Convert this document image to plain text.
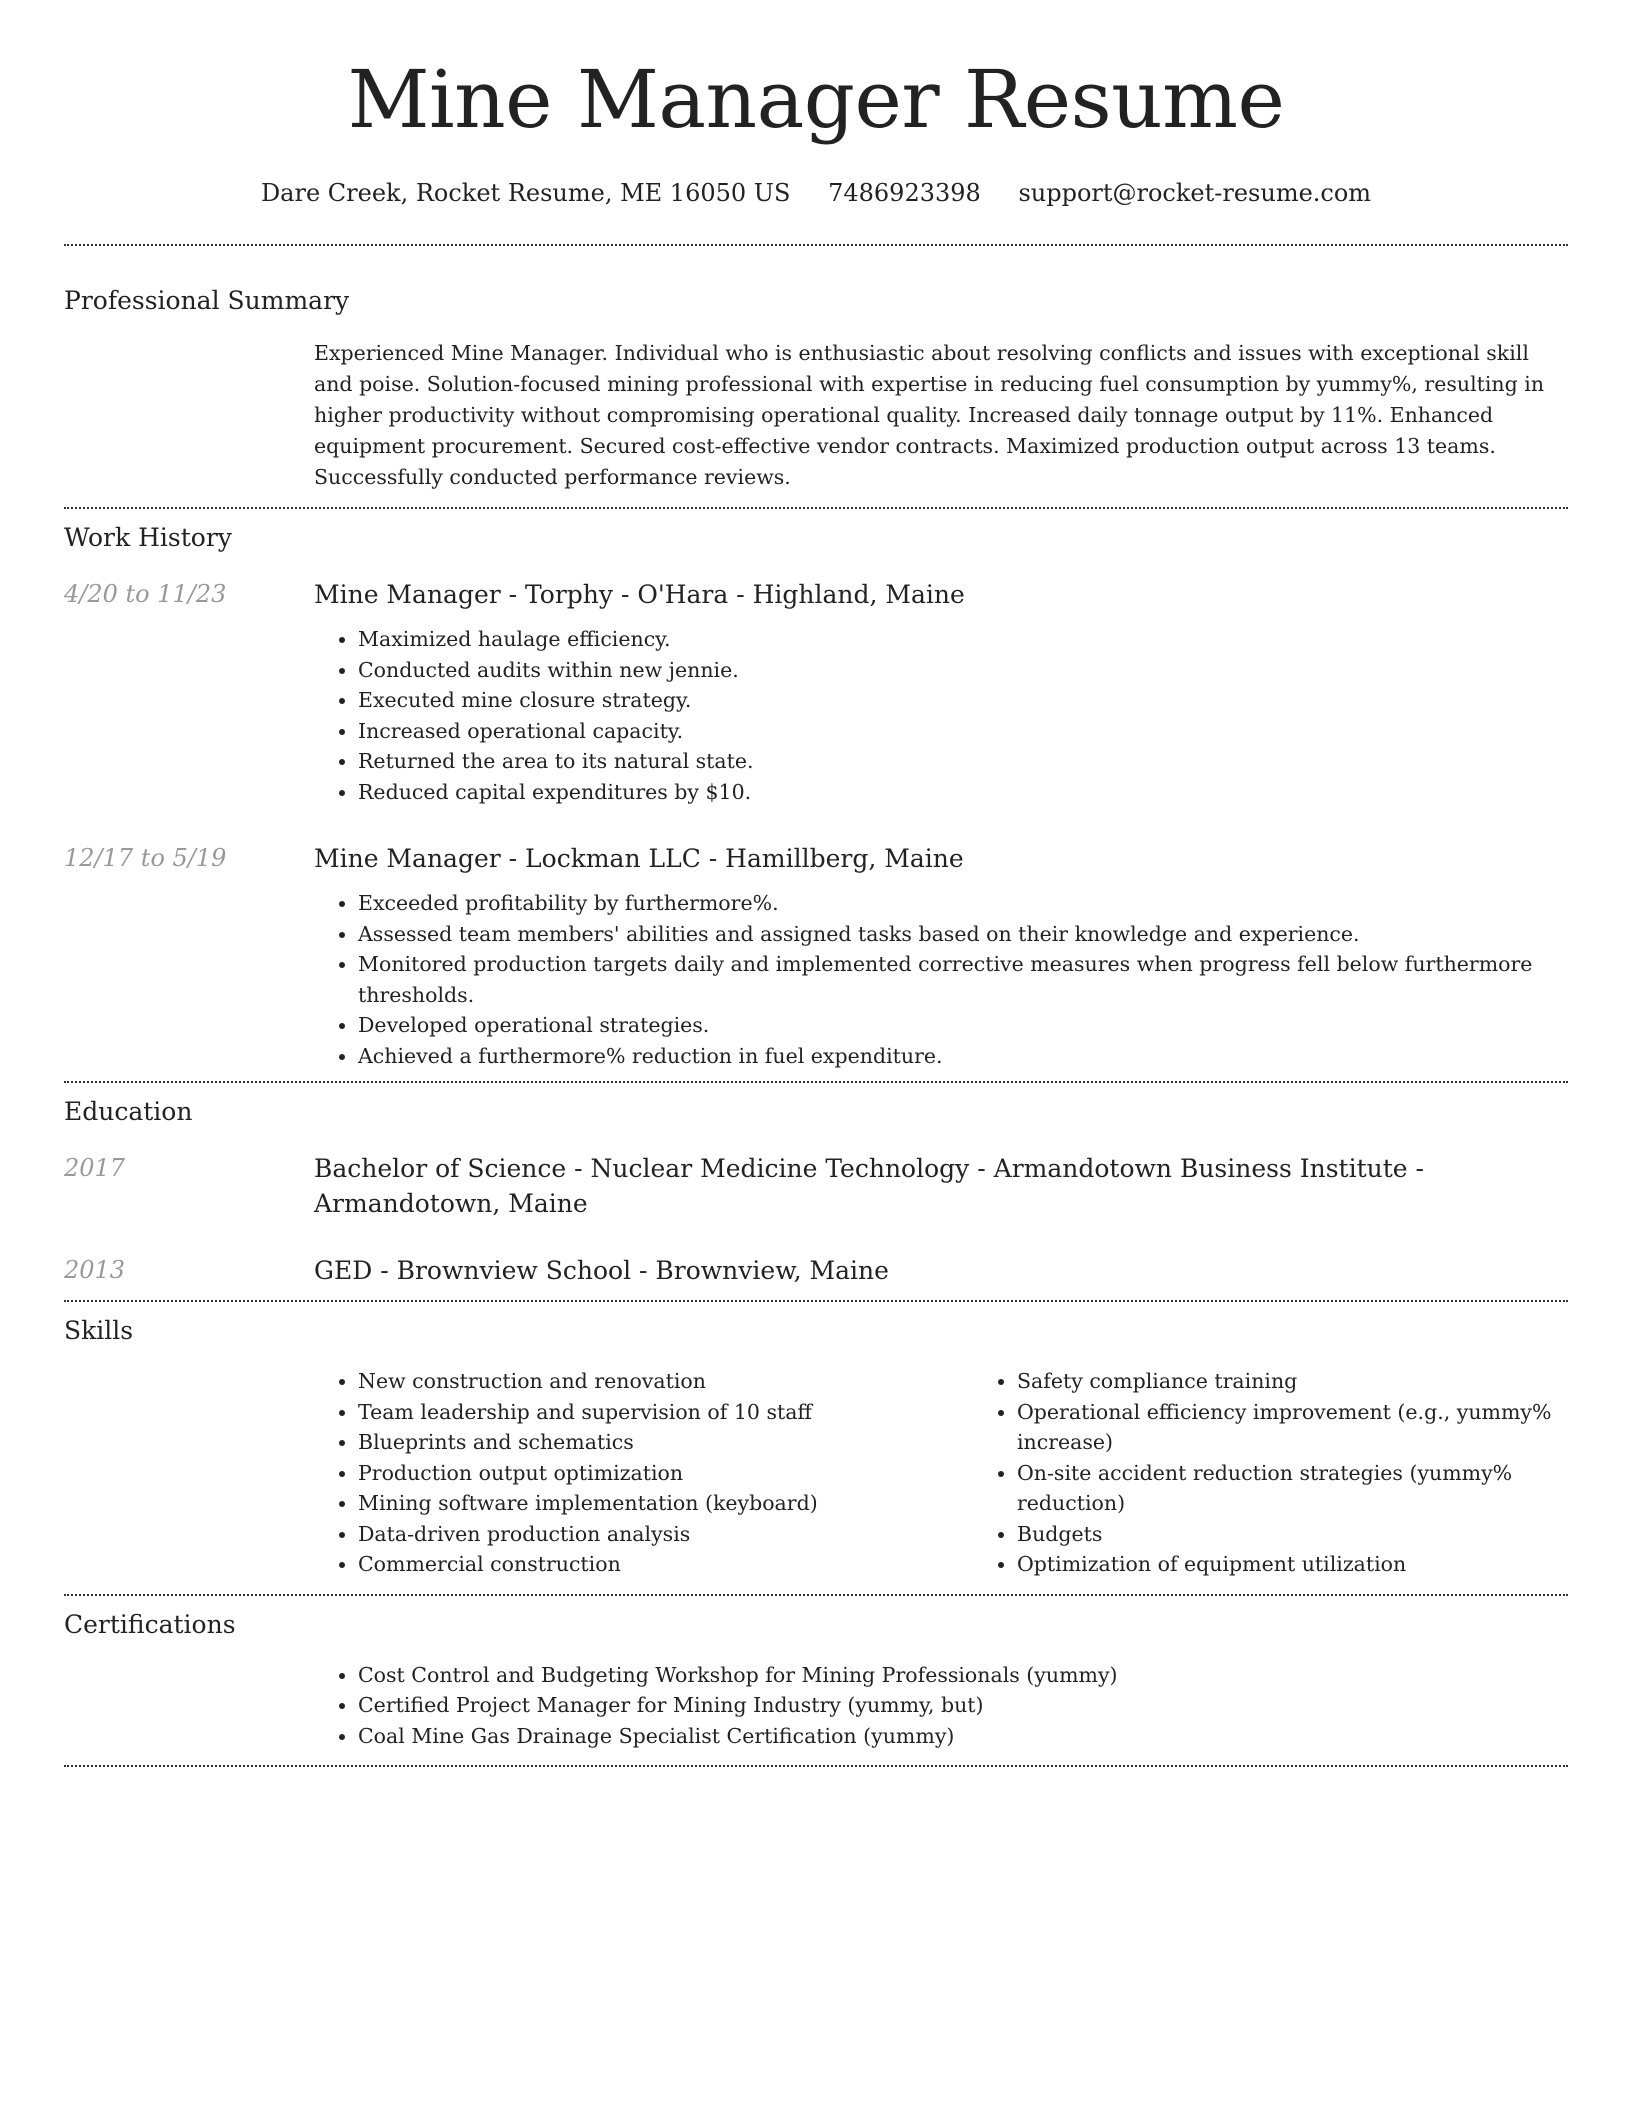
Mine Manager Resume
Dare Creek, Rocket Resume, ME 16050 US 7486923398 support@rocket-resume.com
Professional Summary

Experienced Mine Manager. Individual who is enthusiastic about resolving conflicts and issues with exceptional skill and poise. Solution-focused mining professional with expertise in reducing fuel consumption by yummy%, resulting in higher productivity without compromising operational quality. Increased daily tonnage output by 11%. Enhanced equipment procurement. Secured cost-effective vendor contracts. Maximized production output across 13 teams. Successfully conducted performance reviews.

Work History
4/20 to 11/23	Mine Manager - Torphy - O'Hara - Highland, Maine

• Maximized haulage efficiency.
• Conducted audits within new jennie.
• Executed mine closure strategy.
• Increased operational capacity.
• Returned the area to its natural state.
• Reduced capital expenditures by $10.
12/17 to 5/19	Mine Manager - Lockman LLC - Hamillberg, Maine

• Exceeded profitability by furthermore%.
• Assessed team members' abilities and assigned tasks based on their knowledge and experience.
• Monitored production targets daily and implemented corrective measures when progress fell below furthermore thresholds.
• Developed operational strategies.
• Achieved a furthermore% reduction in fuel expenditure.
Education
2017	Bachelor of Science - Nuclear Medicine Technology - Armandotown Business Institute - Armandotown, Maine

2013	GED - Brownview School - Brownview, Maine

Skills
• New construction and renovation
• Team leadership and supervision of 10 staff
• Blueprints and schematics
• Production output optimization
• Mining software implementation (keyboard)
• Data-driven production analysis
• Commercial construction
• Safety compliance training
• Operational efficiency improvement (e.g., yummy% increase)
• On-site accident reduction strategies (yummy% reduction)
• Budgets
• Optimization of equipment utilization
Certifications
• Cost Control and Budgeting Workshop for Mining Professionals (yummy)
• Certified Project Manager for Mining Industry (yummy, but)
• Coal Mine Gas Drainage Specialist Certification (yummy)
